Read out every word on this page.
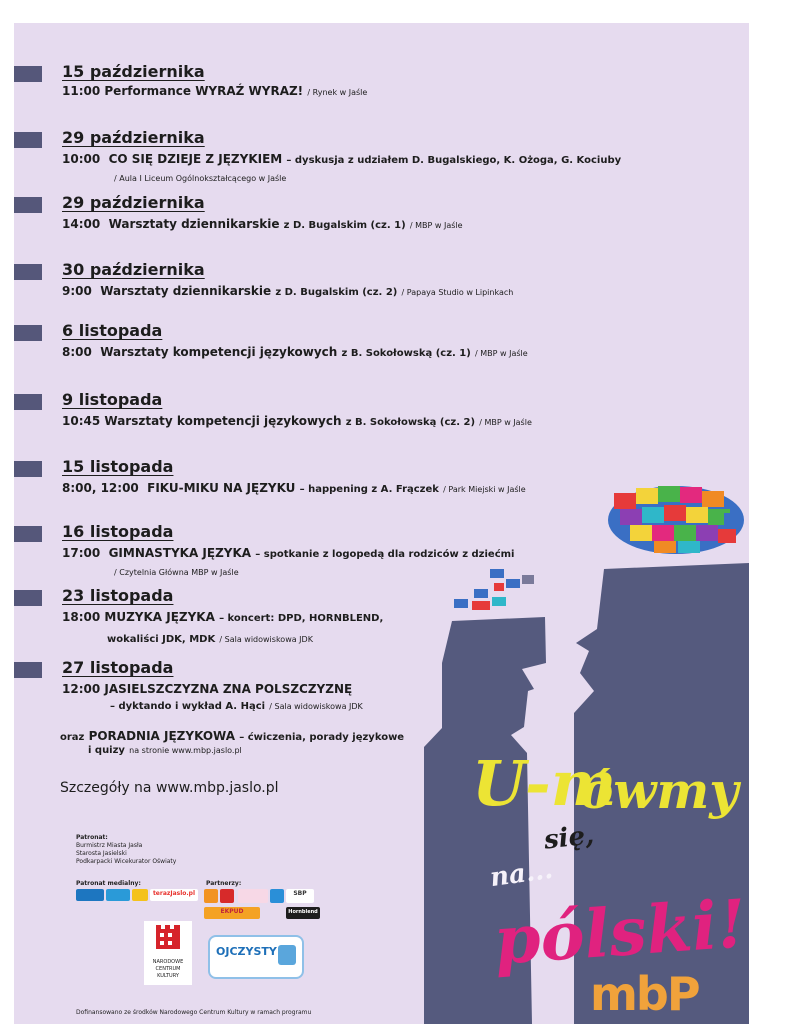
15 października
11:00 Performance WYRAŹ WYRAZ! / Rynek w Jaśle
29 października
10:00 CO SIĘ DZIEJE Z JĘZYKIEM – dyskusja z udziałem D. Bugalskiego, K. Ożoga, G. Kociuby
/ Aula I Liceum Ogólnokształcącego w Jaśle
29 października
14:00 Warsztaty dziennikarskie z D. Bugalskim (cz. 1) / MBP w Jaśle
30 października
9:00 Warsztaty dziennikarskie z D. Bugalskim (cz. 2) / Papaya Studio w Lipinkach
6 listopada
8:00 Warsztaty kompetencji językowych z B. Sokołowską (cz. 1) / MBP w Jaśle
9 listopada
10:45 Warsztaty kompetencji językowych z B. Sokołowską (cz. 2) / MBP w Jaśle
15 listopada
8:00, 12:00 FIKU-MIKU NA JĘZYKU – happening z A. Frączek / Park Miejski w Jaśle
16 listopada
17:00 GIMNASTYKA JĘZYKA – spotkanie z logopedą dla rodziców z dziećmi
/ Czytelnia Główna MBP w Jaśle
23 listopada
18:00 MUZYKA JĘZYKA – koncert: DPD, HORNBLEND,
wokaliści JDK, MDK / Sala widowiskowa JDK
27 listopada
12:00 JASIELSZCZYZNA ZNA POLSZCZYZNĘ
– dyktando i wykład A. Hąci / Sala widowiskowa JDK
oraz PORADNIA JĘZYKOWA – ćwiczenia, porady językowe
i quizy na stronie www.mbp.jaslo.pl
Szczegóły na www.mbp.jaslo.pl
Patronat:
Burmistrz Miasta Jasła
Starosta Jasielski
Podkarpacki Wicekurator Oświaty
Patronat medialny:
terazJaslo.pl
Partnerzy:
SBP
EKPUD	Hornblend
NARODOWE
CENTRUM
KULTURY
OJCZYSTY
Dofinansowano ze środków Narodowego Centrum Kultury w ramach programu
U-m
ówmy
się,
na...
pólski!
mbP
